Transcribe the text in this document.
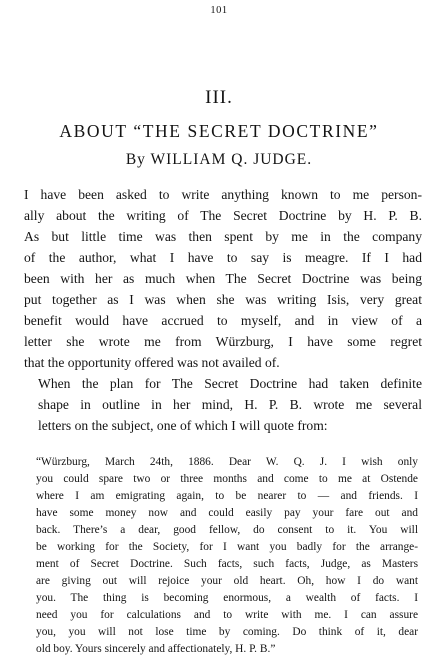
101
III.
ABOUT “THE SECRET DOCTRINE”
By WILLIAM Q. JUDGE.

I have been asked to write anything known to me person-
ally about the writing of The Secret Doctrine by H. P. B.
As but little time was then spent by me in the company
of the author, what I have to say is meagre. If I had
been with her as much when The Secret Doctrine was being
put together as I was when she was writing Isis, very great
benefit would have accrued to myself, and in view of a
letter she wrote me from Würzburg, I have some regret
that the opportunity offered was not availed of.

When the plan for The Secret Doctrine had taken definite
shape in outline in her mind, H. P. B. wrote me several
letters on the subject, one of which I will quote from:

“Würzburg, March 24th, 1886. Dear W. Q. J. I wish only
you could spare two or three months and come to me at Ostende
where I am emigrating again, to be nearer to — and friends. I
have some money now and could easily pay your fare out and
back. There’s a dear, good fellow, do consent to it. You will
be working for the Society, for I want you badly for the arrange-
ment of Secret Doctrine. Such facts, such facts, Judge, as Masters
are giving out will rejoice your old heart. Oh, how I do want
you. The thing is becoming enormous, a wealth of facts. I
need you for calculations and to write with me. I can assure
you, you will not lose time by coming. Do think of it, dear
old boy. Yours sincerely and affectionately, H. P. B.”
